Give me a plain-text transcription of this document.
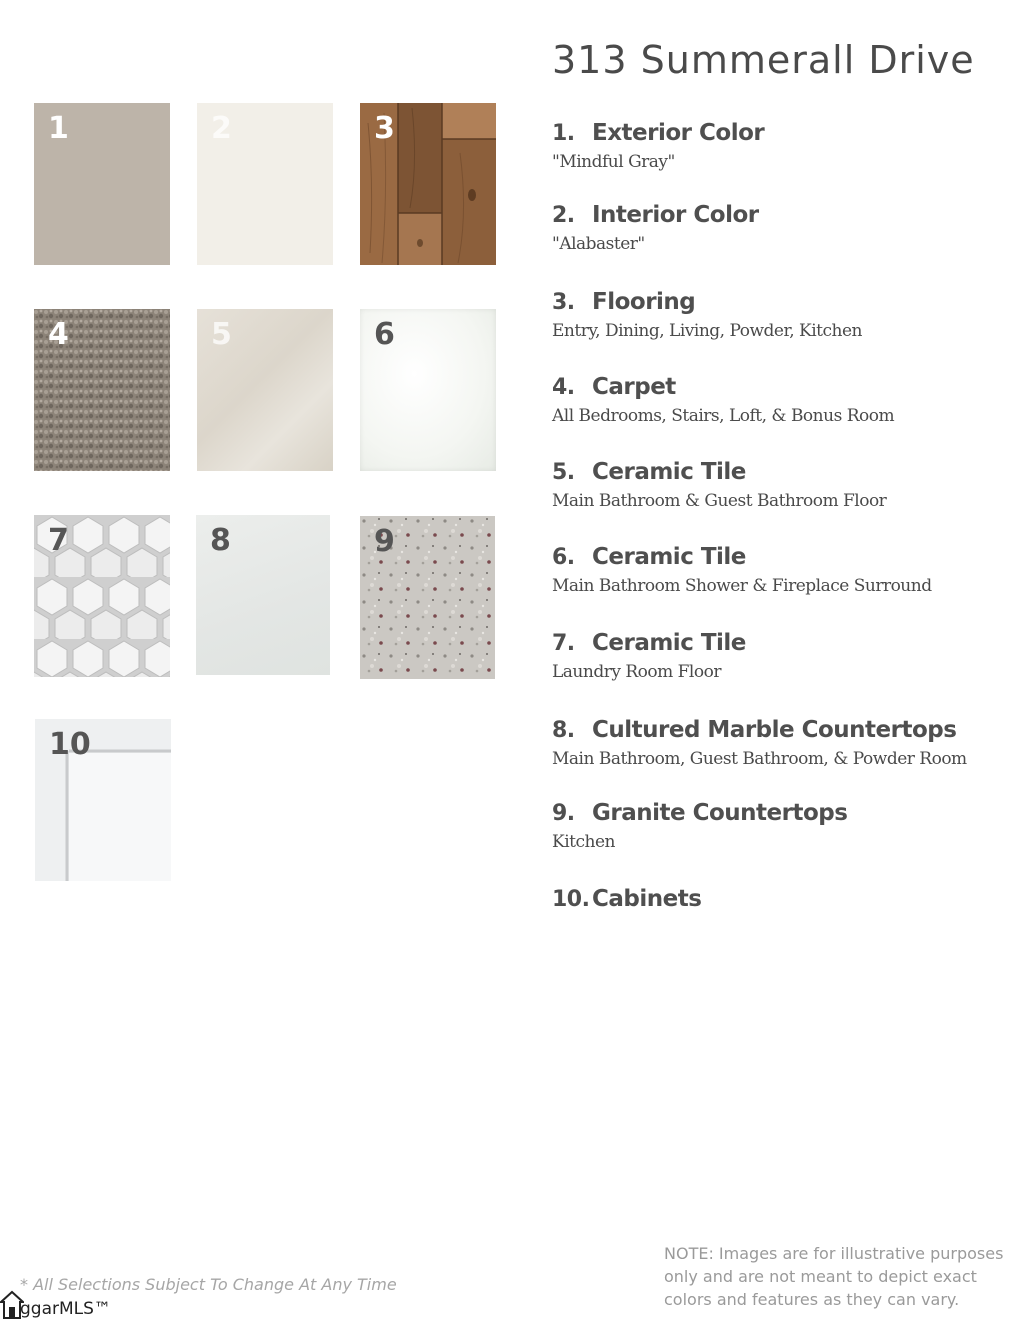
313 Summerall Drive
1	2	3
4	5	6
7	8	9
10
1. Exterior Color
"Mindful Gray"
2. Interior Color
"Alabaster"
3. Flooring
Entry, Dining, Living, Powder, Kitchen
4. Carpet
All Bedrooms, Stairs, Loft, & Bonus Room
5. Ceramic Tile
Main Bathroom & Guest Bathroom Floor
6. Ceramic Tile
Main Bathroom Shower & Fireplace Surround
7. Ceramic Tile
Laundry Room Floor
8. Cultured Marble Countertops
Main Bathroom, Guest Bathroom, & Powder Room
9. Granite Countertops
Kitchen
10. Cabinets
* All Selections Subject To Change At Any Time
NOTE: Images are for illustrative purposes only and are not meant to depict exact colors and features as they can vary.
ggarMLS™
